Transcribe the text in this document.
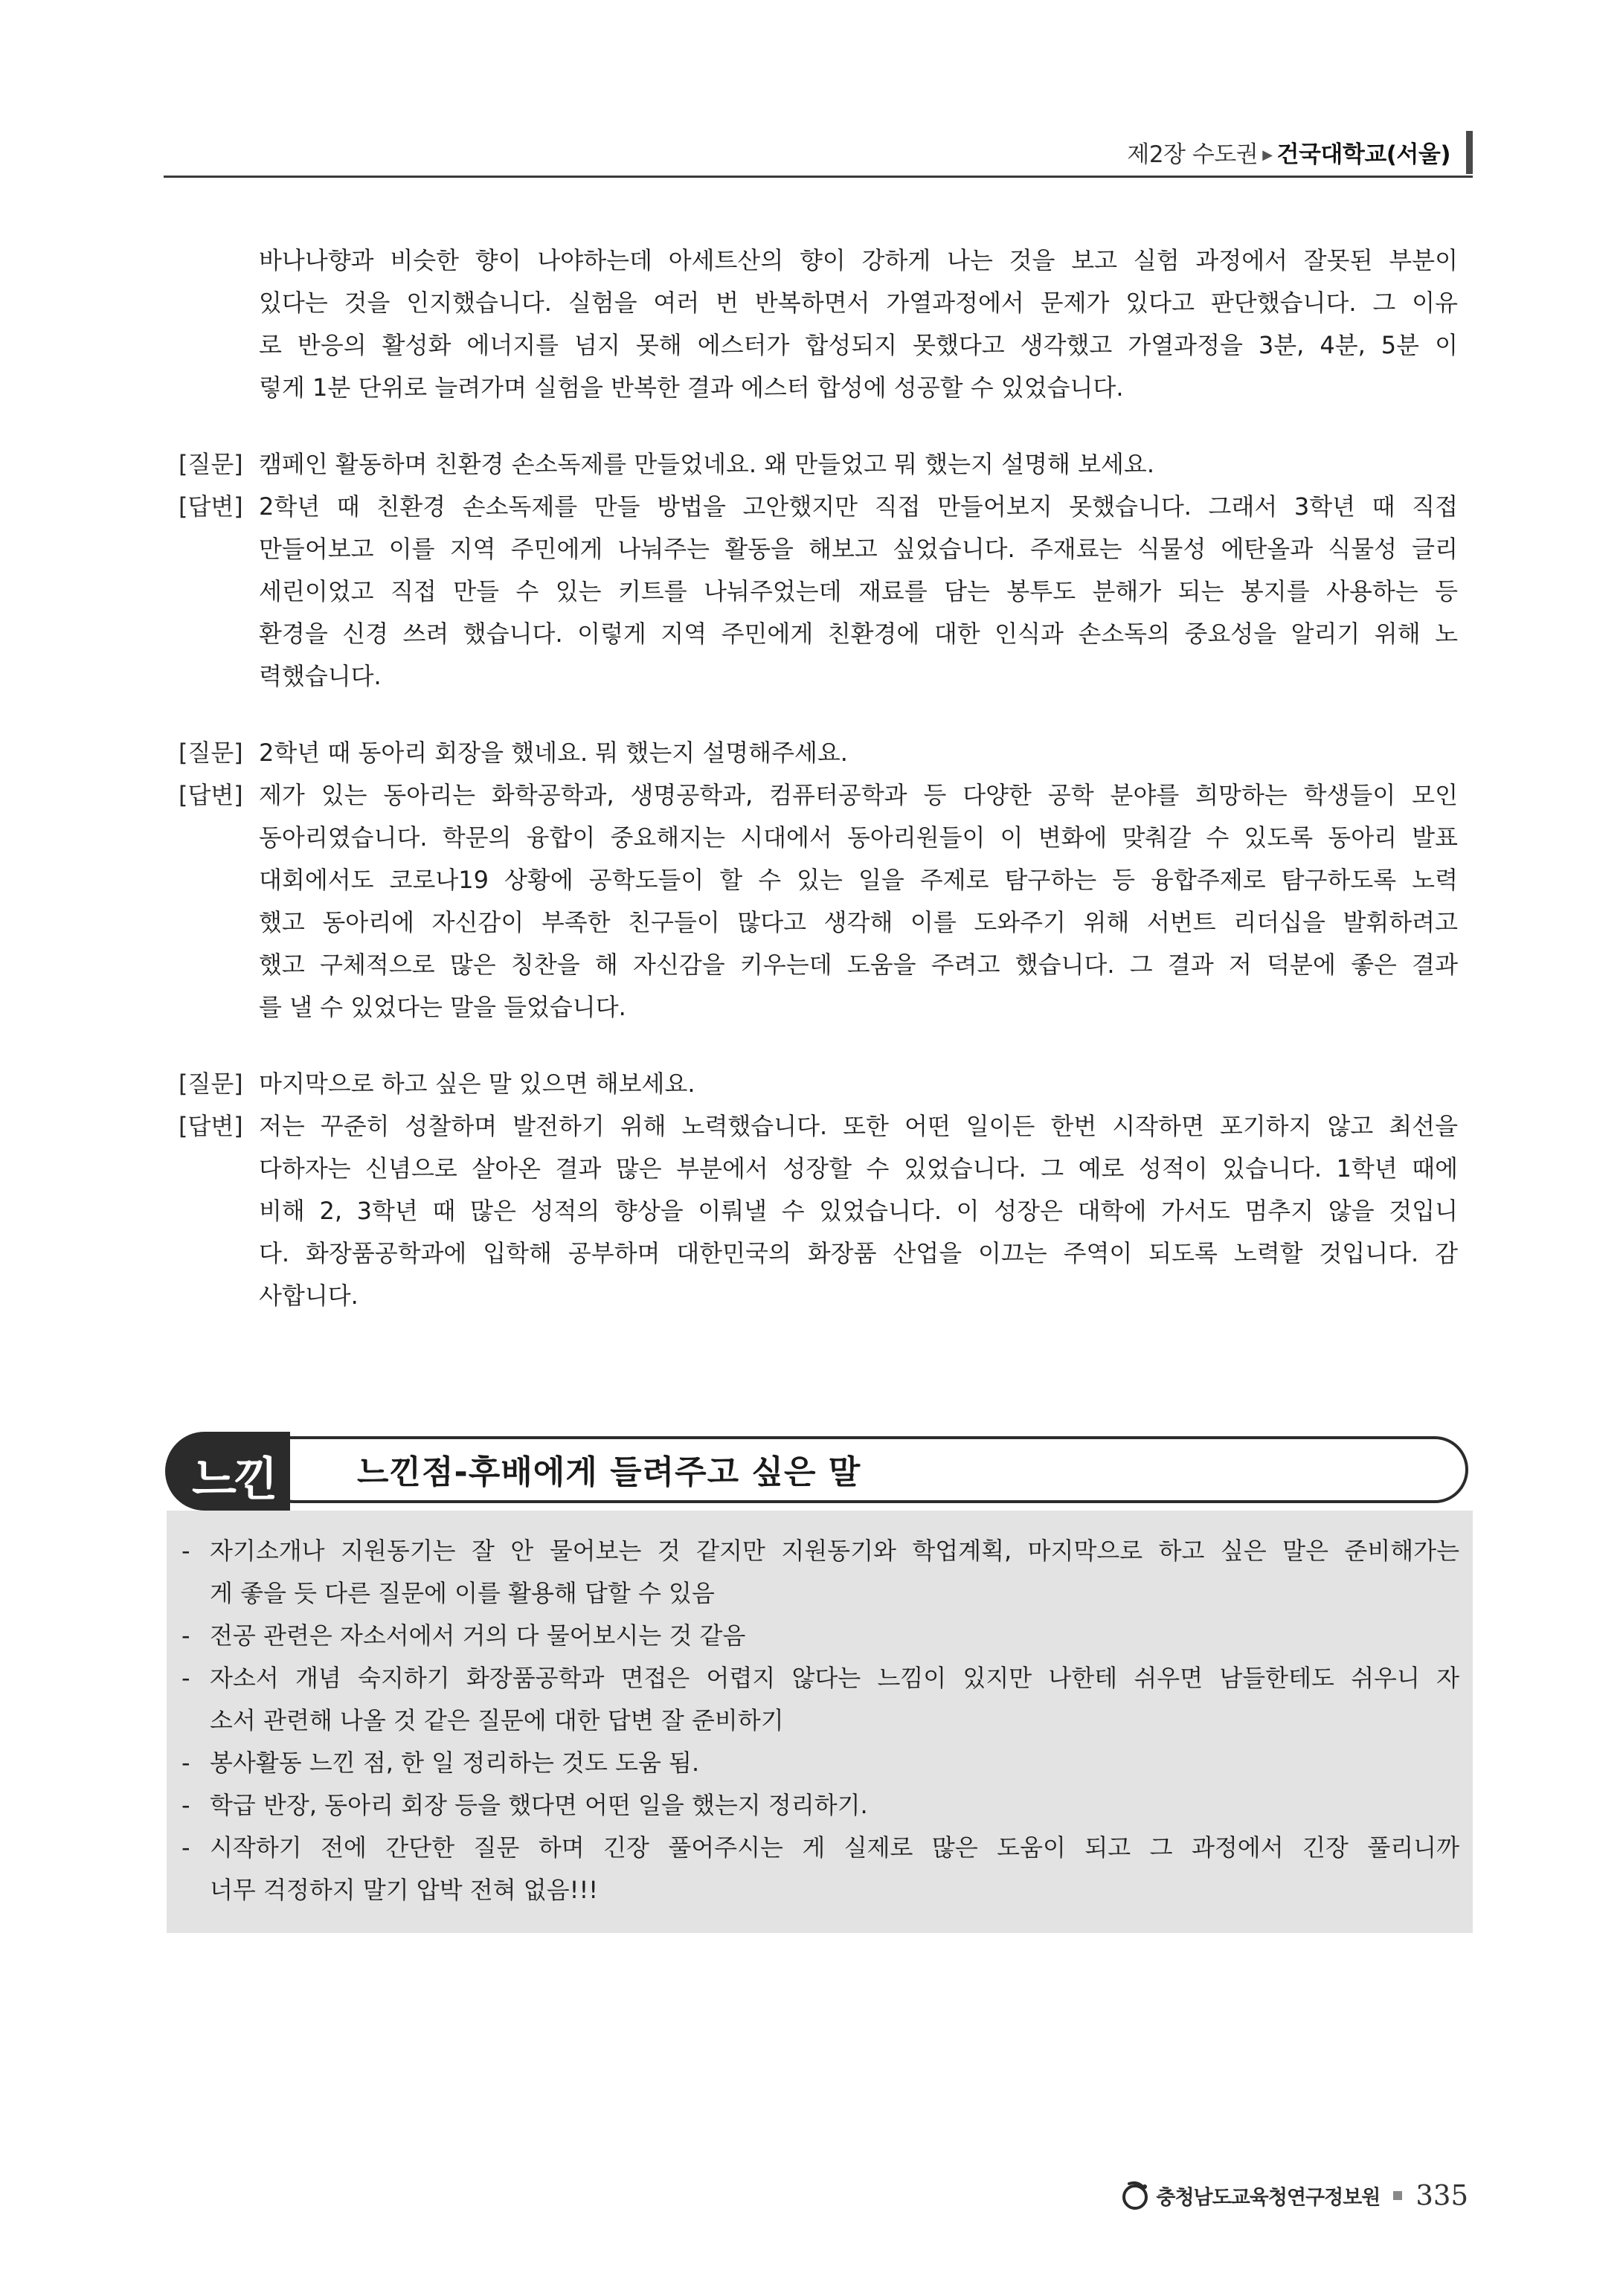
제2장 수도권 ▶ 건국대학교(서울)
바나나향과 비슷한 향이 나야하는데 아세트산의 향이 강하게 나는 것을 보고 실험 과정에서 잘못된 부분이
있다는 것을 인지했습니다. 실험을 여러 번 반복하면서 가열과정에서 문제가 있다고 판단했습니다. 그 이유
로 반응의 활성화 에너지를 넘지 못해 에스터가 합성되지 못했다고 생각했고 가열과정을 3분, 4분, 5분 이
렇게 1분 단위로 늘려가며 실험을 반복한 결과 에스터 합성에 성공할 수 있었습니다.
[질문] 캠페인 활동하며 친환경 손소독제를 만들었네요. 왜 만들었고 뭐 했는지 설명해 보세요.
[답변] 2학년 때 친환경 손소독제를 만들 방법을 고안했지만 직접 만들어보지 못했습니다. 그래서 3학년 때 직접
만들어보고 이를 지역 주민에게 나눠주는 활동을 해보고 싶었습니다. 주재료는 식물성 에탄올과 식물성 글리
세린이었고 직접 만들 수 있는 키트를 나눠주었는데 재료를 담는 봉투도 분해가 되는 봉지를 사용하는 등
환경을 신경 쓰려 했습니다. 이렇게 지역 주민에게 친환경에 대한 인식과 손소독의 중요성을 알리기 위해 노
력했습니다.
[질문] 2학년 때 동아리 회장을 했네요. 뭐 했는지 설명해주세요.
[답변] 제가 있는 동아리는 화학공학과, 생명공학과, 컴퓨터공학과 등 다양한 공학 분야를 희망하는 학생들이 모인
동아리였습니다. 학문의 융합이 중요해지는 시대에서 동아리원들이 이 변화에 맞춰갈 수 있도록 동아리 발표
대회에서도 코로나19 상황에 공학도들이 할 수 있는 일을 주제로 탐구하는 등 융합주제로 탐구하도록 노력
했고 동아리에 자신감이 부족한 친구들이 많다고 생각해 이를 도와주기 위해 서번트 리더십을 발휘하려고
했고 구체적으로 많은 칭찬을 해 자신감을 키우는데 도움을 주려고 했습니다. 그 결과 저 덕분에 좋은 결과
를 낼 수 있었다는 말을 들었습니다.
[질문] 마지막으로 하고 싶은 말 있으면 해보세요.
[답변] 저는 꾸준히 성찰하며 발전하기 위해 노력했습니다. 또한 어떤 일이든 한번 시작하면 포기하지 않고 최선을
다하자는 신념으로 살아온 결과 많은 부분에서 성장할 수 있었습니다. 그 예로 성적이 있습니다. 1학년 때에
비해 2, 3학년 때 많은 성적의 향상을 이뤄낼 수 있었습니다. 이 성장은 대학에 가서도 멈추지 않을 것입니
다. 화장품공학과에 입학해 공부하며 대한민국의 화장품 산업을 이끄는 주역이 되도록 노력할 것입니다. 감
사합니다.
느낀	느낀점-후배에게 들려주고 싶은 말
- 자기소개나 지원동기는 잘 안 물어보는 것 같지만 지원동기와 학업계획, 마지막으로 하고 싶은 말은 준비해가는
게 좋을 듯 다른 질문에 이를 활용해 답할 수 있음
- 전공 관련은 자소서에서 거의 다 물어보시는 것 같음
- 자소서 개념 숙지하기 화장품공학과 면접은 어렵지 않다는 느낌이 있지만 나한테 쉬우면 남들한테도 쉬우니 자
소서 관련해 나올 것 같은 질문에 대한 답변 잘 준비하기
- 봉사활동 느낀 점, 한 일 정리하는 것도 도움 됨.
- 학급 반장, 동아리 회장 등을 했다면 어떤 일을 했는지 정리하기.
- 시작하기 전에 간단한 질문 하며 긴장 풀어주시는 게 실제로 많은 도움이 되고 그 과정에서 긴장 풀리니까
너무 걱정하지 말기 압박 전혀 없음!!!
충청남도교육청연구정보원 335
